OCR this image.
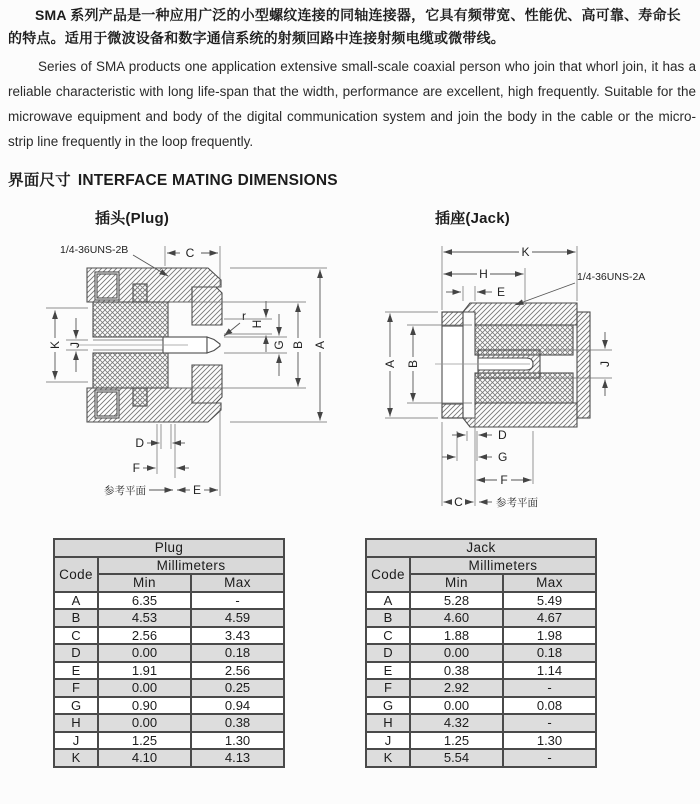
SMA 系列产品是一种应用广泛的小型螺纹连接的同轴连接器，它具有频带宽、性能优、高可靠、寿命长的特点。适用于微波设备和数字通信系统的射频回路中连接射频电缆或微带线。
Series of SMA products one application extensive small-scale coaxial person who join that whorl join, it has a reliable characteristic with long life-span that the width, performance are excellent, high frequently. Suitable for the microwave equipment and body of the digital communication system and join the body in the cable or the micro-strip line frequently in the loop frequently.
界面尺寸 INTERFACE MATING DIMENSIONS
插头(Plug)	插座(Jack)
1/4-36UNS-2B	C
K J
r
H
G B A
D
F
参考平面	E
K
H
E
1/4-36UNS-2A
A B	J
D
G
F
C	参考平面
Plug		
Code	Millimeters	
	Min	Max
A	6.35	-
B	4.53	4.59
C	2.56	3.43
D	0.00	0.18
E	1.91	2.56
F	0.00	0.25
G	0.90	0.94
H	0.00	0.38
J	1.25	1.30
K	4.10	4.13
Jack		
Code	Millimeters	
	Min	Max
A	5.28	5.49
B	4.60	4.67
C	1.88	1.98
D	0.00	0.18
E	0.38	1.14
F	2.92	-
G	0.00	0.08
H	4.32	-
J	1.25	1.30
K	5.54	-
